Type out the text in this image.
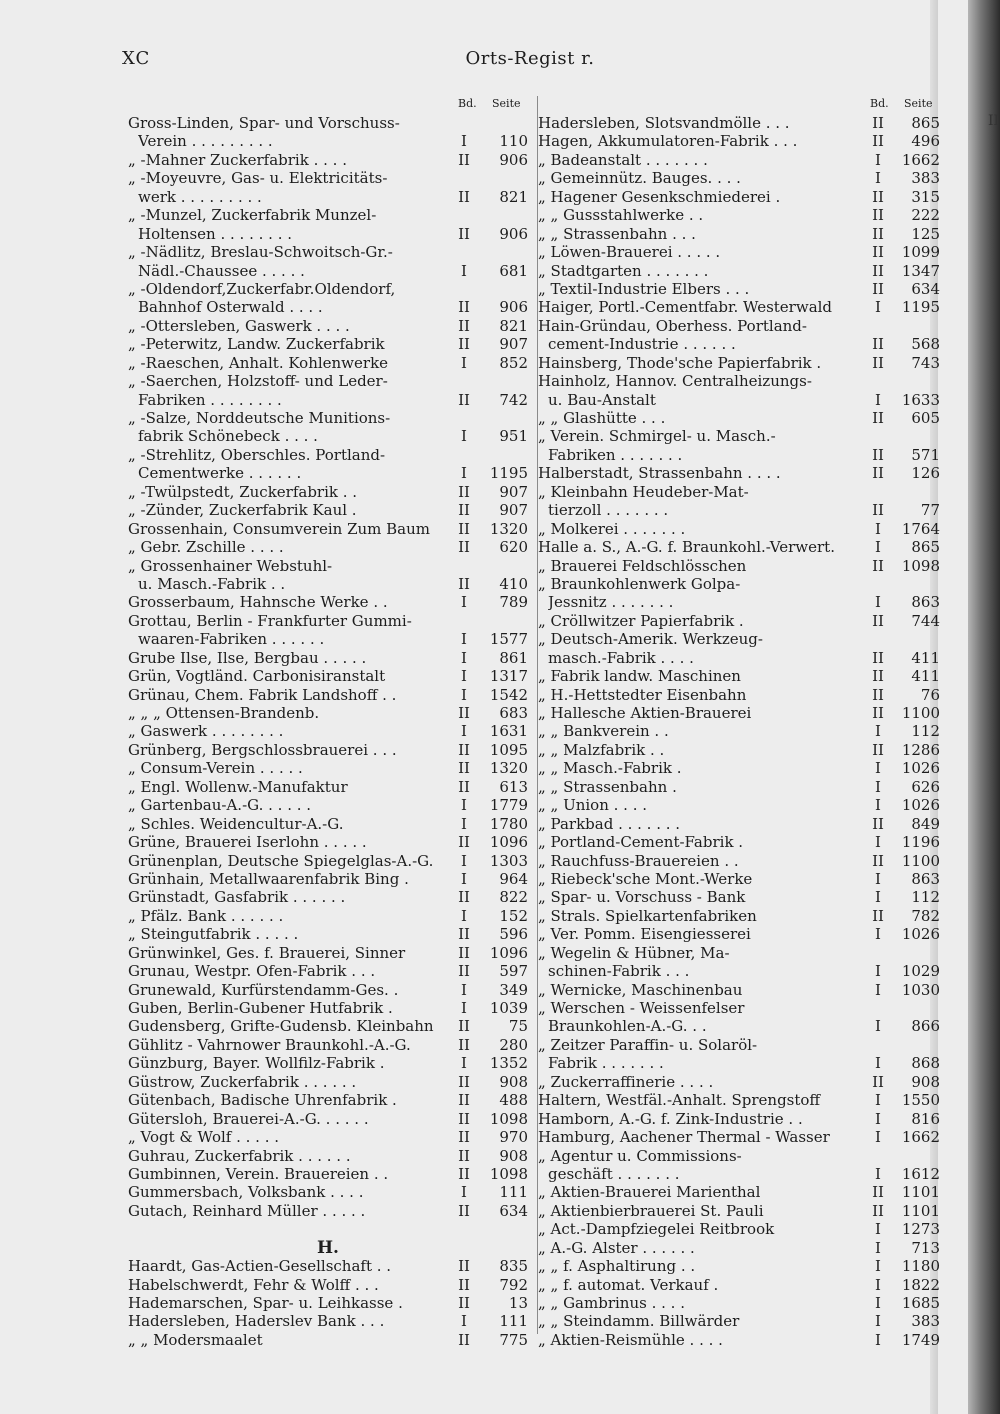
XC	Orts-Regist r.
II
Bd. Seite
Gross-Linden, Spar- und Vorschuss-
Verein . . . . . . . . .	I	110
„ -Mahner Zuckerfabrik . . . .	II	906
„ -Moyeuvre, Gas- u. Elektricitäts-
werk . . . . . . . . .	II	821
„ -Munzel, Zuckerfabrik Munzel-
Holtensen . . . . . . . .	II	906
„ -Nädlitz, Breslau-Schwoitsch-Gr.-
Nädl.-Chaussee . . . . .	I	681
„ -Oldendorf,Zuckerfabr.Oldendorf,
Bahnhof Osterwald . . . .	II	906
„ -Ottersleben, Gaswerk . . . .	II	821
„ -Peterwitz, Landw. Zuckerfabrik	II	907
„ -Raeschen, Anhalt. Kohlenwerke	I	852
„ -Saerchen, Holzstoff- und Leder-
Fabriken . . . . . . . .	II	742
„ -Salze, Norddeutsche Munitions-
fabrik Schönebeck . . . .	I	951
„ -Strehlitz, Oberschles. Portland-
Cementwerke . . . . . .	I	1195
„ -Twülpstedt, Zuckerfabrik . .	II	907
„ -Zünder, Zuckerfabrik Kaul .	II	907
Grossenhain, Consumverein Zum Baum	II	1320
„ Gebr. Zschille . . . .	II	620
„ Grossenhainer Webstuhl-
u. Masch.-Fabrik . .	II	410
Grosserbaum, Hahnsche Werke . .	I	789
Grottau, Berlin - Frankfurter Gummi-
waaren-Fabriken . . . . . .	I	1577
Grube Ilse, Ilse, Bergbau . . . . .	I	861
Grün, Vogtländ. Carbonisiranstalt	I	1317
Grünau, Chem. Fabrik Landshoff . .	I	1542
„ „ „ Ottensen-Brandenb.	II	683
„ Gaswerk . . . . . . . .	I	1631
Grünberg, Bergschlossbrauerei . . .	II	1095
„ Consum-Verein . . . . .	II	1320
„ Engl. Wollenw.-Manufaktur	II	613
„ Gartenbau-A.-G. . . . . .	I	1779
„ Schles. Weidencultur-A.-G.	I	1780
Grüne, Brauerei Iserlohn . . . . .	II	1096
Grünenplan, Deutsche Spiegelglas-A.-G.	I	1303
Grünhain, Metallwaarenfabrik Bing .	I	964
Grünstadt, Gasfabrik . . . . . .	II	822
„ Pfälz. Bank . . . . . .	I	152
„ Steingutfabrik . . . . .	II	596
Grünwinkel, Ges. f. Brauerei, Sinner	II	1096
Grunau, Westpr. Ofen-Fabrik . . .	II	597
Grunewald, Kurfürstendamm-Ges. .	I	349
Guben, Berlin-Gubener Hutfabrik .	I	1039
Gudensberg, Grifte-Gudensb. Kleinbahn	II	75
Gühlitz - Vahrnower Braunkohl.-A.-G.	II	280
Günzburg, Bayer. Wollfilz-Fabrik .	I	1352
Güstrow, Zuckerfabrik . . . . . .	II	908
Gütenbach, Badische Uhrenfabrik .	II	488
Gütersloh, Brauerei-A.-G. . . . . .	II	1098
„ Vogt & Wolf . . . . .	II	970
Guhrau, Zuckerfabrik . . . . . .	II	908
Gumbinnen, Verein. Brauereien . .	II	1098
Gummersbach, Volksbank . . . .	I	111
Gutach, Reinhard Müller . . . . .	II	634
H.
Haardt, Gas-Actien-Gesellschaft . .	II	835
Habelschwerdt, Fehr & Wolff . . .	II	792
Hademarschen, Spar- u. Leihkasse .	II	13
Hadersleben, Haderslev Bank . . .	I	111
„ „ Modersmaalet	II	775
Bd. Seite
Hadersleben, Slotsvandmölle . . .	II	865
Hagen, Akkumulatoren-Fabrik . . .	II	496
„ Badeanstalt . . . . . . .	I	1662
„ Gemeinnütz. Bauges. . . .	I	383
„ Hagener Gesenkschmiederei .	II	315
„ „ Gussstahlwerke . .	II	222
„ „ Strassenbahn . . .	II	125
„ Löwen-Brauerei . . . . .	II	1099
„ Stadtgarten . . . . . . .	II	1347
„ Textil-Industrie Elbers . . .	II	634
Haiger, Portl.-Cementfabr. Westerwald	I	1195
Hain-Gründau, Oberhess. Portland-
cement-Industrie . . . . . .	II	568
Hainsberg, Thode'sche Papierfabrik .	II	743
Hainholz, Hannov. Centralheizungs-
u. Bau-Anstalt	I	1633
„ „ Glashütte . . .	II	605
„ Verein. Schmirgel- u. Masch.-
Fabriken . . . . . . .	II	571
Halberstadt, Strassenbahn . . . .	II	126
„ Kleinbahn Heudeber-Mat-
tierzoll . . . . . . .	II	77
„ Molkerei . . . . . . .	I	1764
Halle a. S., A.-G. f. Braunkohl.-Verwert.	I	865
„ Brauerei Feldschlösschen	II	1098
„ Braunkohlenwerk Golpa-
Jessnitz . . . . . . .	I	863
„ Cröllwitzer Papierfabrik .	II	744
„ Deutsch-Amerik. Werkzeug-
masch.-Fabrik . . . .	II	411
„ Fabrik landw. Maschinen	II	411
„ H.-Hettstedter Eisenbahn	II	76
„ Hallesche Aktien-Brauerei	II	1100
„ „ Bankverein . .	I	112
„ „ Malzfabrik . .	II	1286
„ „ Masch.-Fabrik .	I	1026
„ „ Strassenbahn .	I	626
„ „ Union . . . .	I	1026
„ Parkbad . . . . . . .	II	849
„ Portland-Cement-Fabrik .	I	1196
„ Rauchfuss-Brauereien . .	II	1100
„ Riebeck'sche Mont.-Werke	I	863
„ Spar- u. Vorschuss - Bank	I	112
„ Strals. Spielkartenfabriken	II	782
„ Ver. Pomm. Eisengiesserei	I	1026
„ Wegelin & Hübner, Ma-
schinen-Fabrik . . .	I	1029
„ Wernicke, Maschinenbau	I	1030
„ Werschen - Weissenfelser
Braunkohlen-A.-G. . .	I	866
„ Zeitzer Paraffin- u. Solaröl-
Fabrik . . . . . . .	I	868
„ Zuckerraffinerie . . . .	II	908
Haltern, Westfäl.-Anhalt. Sprengstoff	I	1550
Hamborn, A.-G. f. Zink-Industrie . .	I	816
Hamburg, Aachener Thermal - Wasser	I	1662
„ Agentur u. Commissions-
geschäft . . . . . . .	I	1612
„ Aktien-Brauerei Marienthal	II	1101
„ Aktienbierbrauerei St. Pauli	II	1101
„ Act.-Dampfziegelei Reitbrook	I	1273
„ A.-G. Alster . . . . . .	I	713
„ „ f. Asphaltirung . .	I	1180
„ „ f. automat. Verkauf .	I	1822
„ „ Gambrinus . . . .	I	1685
„ „ Steindamm. Billwärder	I	383
„ Aktien-Reismühle . . . .	I	1749
